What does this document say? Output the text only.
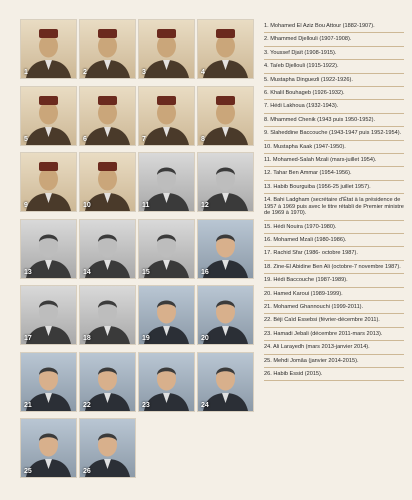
1	2	3	4
5	6	7	8
9	10	11	12
13	14	15	16
17	18	19	20
21	22	23	24
25	26
1. Mohamed El Aziz Bou Attour (1882-1907).
2. Mhammed Djellouli (1907-1908).
3. Youssef Djaït (1908-1915).
4. Taïeb Djellouli (1915-1922).
5. Mustapha Dinguezli (1922-1926).
6. Khalil Bouhageb (1926-1932).
7. Hédi Lakhoua (1932-1943).
8. Mhammed Chenik (1943 puis 1950-1952).
9. Slaheddine Baccouche (1943-1947 puis 1952-1954).
10. Mustapha Kaak (1947-1950).
11. Mohamed-Salah Mzali (mars-juillet 1954).
12. Tahar Ben Ammar (1954-1956).
13. Habib Bourguiba (1956-25 juillet 1957).
14. Bahi Ladgham (secrétaire d'État à la présidence de 1957 à 1969 puis avec le titre rétabli de Premier ministre de 1969 à 1970).
15. Hédi Nouira (1970-1980).
16. Mohamed Mzali (1980-1986).
17. Rachid Sfar (1986- octobre 1987).
18. Zine-El Abidine Ben Ali (octobre-7 novembre 1987).
19. Hédi Baccouche (1987-1989).
20. Hamed Karoui (1989-1999).
21. Mohamed Ghannouchi (1999-2011).
22. Béji Caïd Essebsi (février-décembre 2011).
23. Hamadi Jebali (décembre 2011-mars 2013).
24. Ali Larayedh (mars 2013-janvier 2014).
25. Mehdi Jomâa (janvier 2014-2015).
26. Habib Essid (2015).
